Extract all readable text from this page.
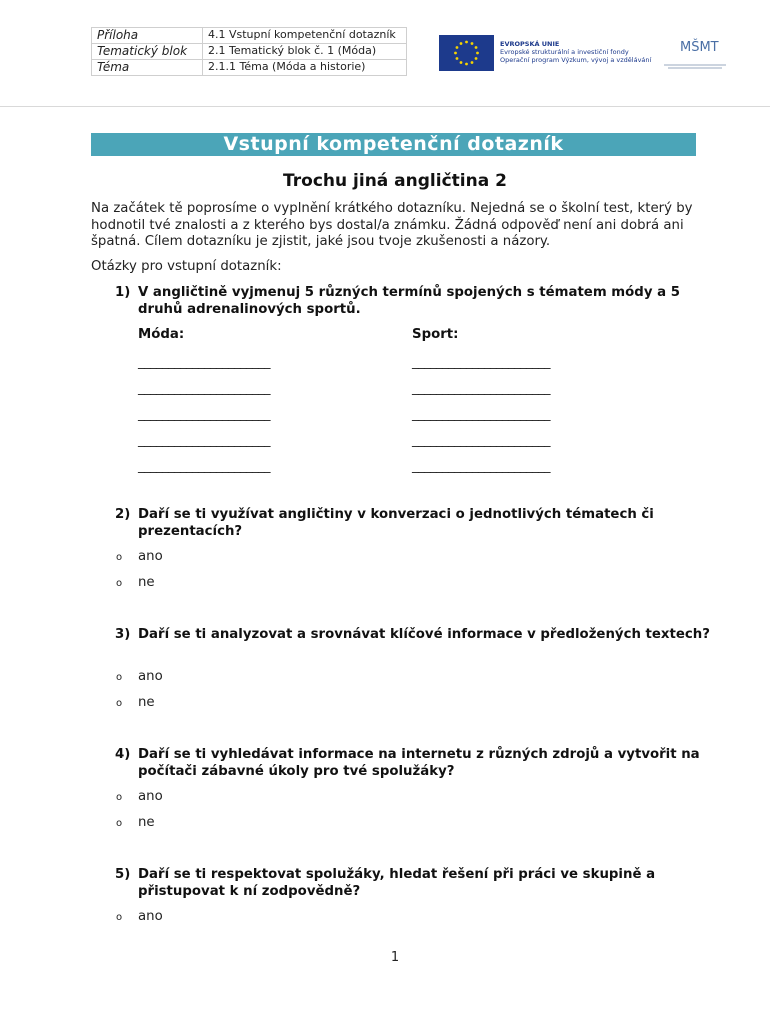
Příloha	4.1 Vstupní kompetenční dotazník
Tematický blok	2.1 Tematický blok č. 1 (Móda)
Téma	2.1.1 Téma (Móda a historie)
EVROPSKÁ UNIE
Evropské strukturální a investiční fondy
Operační program Výzkum, vývoj a vzdělávání
MŠMT
Vstupní kompetenční dotazník
Trochu jiná angličtina 2
Na začátek tě poprosíme o vyplnění krátkého dotazníku. Nejedná se o školní test, který by hodnotil tvé znalosti a z kterého bys dostal/a známku. Žádná odpověď není ani dobrá ani špatná. Cílem dotazníku je zjistit, jaké jsou tvoje zkušenosti a názory.
Otázky pro vstupní dotazník:
1) V angličtině vyjmenuj 5 různých termínů spojených s tématem módy a 5 druhů adrenalinových sportů.
Móda:	Sport:
______________________
______________________
______________________
______________________
______________________
_______________________
_______________________
_______________________
_______________________
_______________________
2) Daří se ti využívat angličtiny v konverzaci o jednotlivých tématech či prezentacích?
o ano
o ne
3) Daří se ti analyzovat a srovnávat klíčové informace v předložených textech?
o ano
o ne
4) Daří se ti vyhledávat informace na internetu z různých zdrojů a vytvořit na počítači zábavné úkoly pro tvé spolužáky?
o ano
o ne
5) Daří se ti respektovat spolužáky, hledat řešení při práci ve skupině a přistupovat k ní zodpovědně?
o ano
1
